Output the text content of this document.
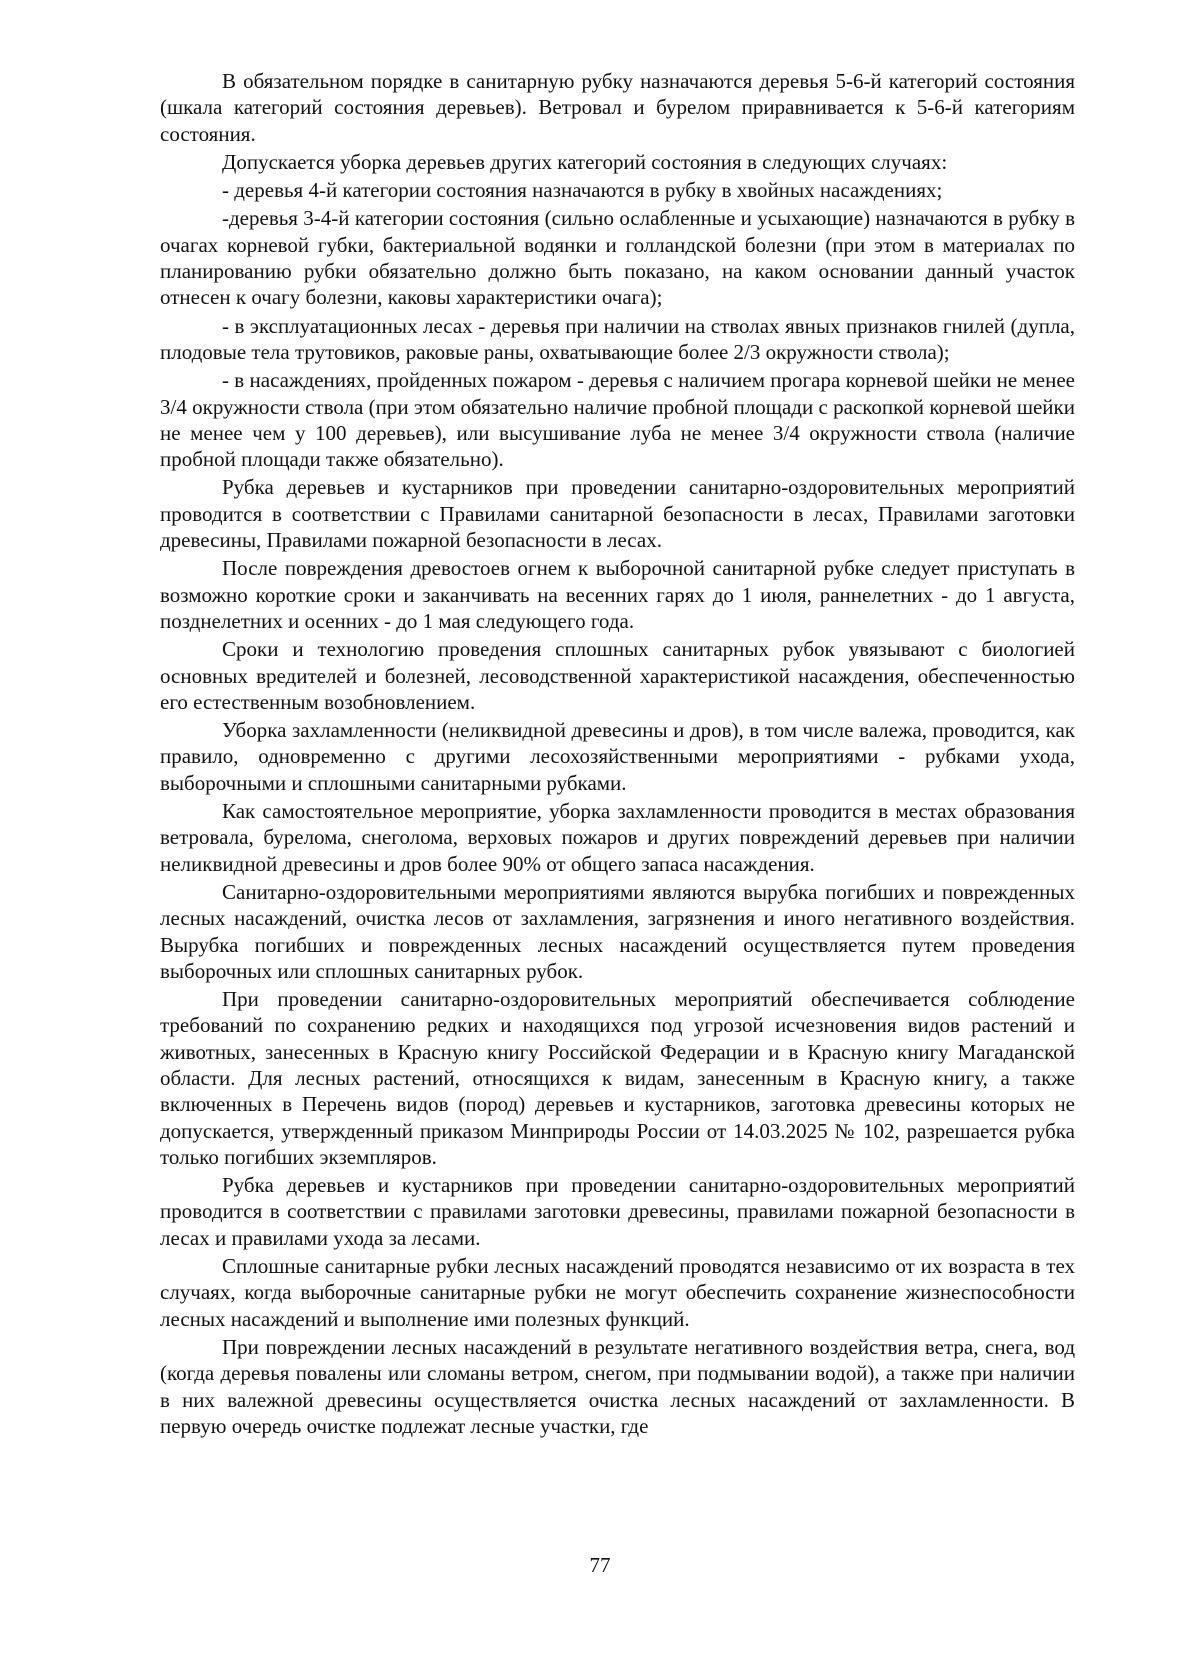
В обязательном порядке в санитарную рубку назначаются деревья 5-6-й категорий состояния (шкала категорий состояния деревьев). Ветровал и бурелом приравнивается к 5-6-й категориям состояния.

Допускается уборка деревьев других категорий состояния в следующих случаях:

- деревья 4-й категории состояния назначаются в рубку в хвойных насаждениях;

-деревья 3-4-й категории состояния (сильно ослабленные и усыхающие) назначаются в рубку в очагах корневой губки, бактериальной водянки и голландской болезни (при этом в материалах по планированию рубки обязательно должно быть показано, на каком основании данный участок отнесен к очагу болезни, каковы характеристики очага);

- в эксплуатационных лесах - деревья при наличии на стволах явных признаков гнилей (дупла, плодовые тела трутовиков, раковые раны, охватывающие более 2/3 окружности ствола);

- в насаждениях, пройденных пожаром - деревья с наличием прогара корневой шейки не менее 3/4 окружности ствола (при этом обязательно наличие пробной площади с раскопкой корневой шейки не менее чем у 100 деревьев), или высушивание луба не менее 3/4 окружности ствола (наличие пробной площади также обязательно).

Рубка деревьев и кустарников при проведении санитарно-оздоровительных мероприятий проводится в соответствии с Правилами санитарной безопасности в лесах, Правилами заготовки древесины, Правилами пожарной безопасности в лесах.

После повреждения древостоев огнем к выборочной санитарной рубке следует приступать в возможно короткие сроки и заканчивать на весенних гарях до 1 июля, раннелетних - до 1 августа, позднелетних и осенних - до 1 мая следующего года.

Сроки и технологию проведения сплошных санитарных рубок увязывают с биологией основных вредителей и болезней, лесоводственной характеристикой насаждения, обеспеченностью его естественным возобновлением.

Уборка захламленности (неликвидной древесины и дров), в том числе валежа, проводится, как правило, одновременно с другими лесохозяйственными мероприятиями - рубками ухода, выборочными и сплошными санитарными рубками.

Как самостоятельное мероприятие, уборка захламленности проводится в местах образования ветровала, бурелома, снеголома, верховых пожаров и других повреждений деревьев при наличии неликвидной древесины и дров более 90% от общего запаса насаждения.

Санитарно-оздоровительными мероприятиями являются вырубка погибших и поврежденных лесных насаждений, очистка лесов от захламления, загрязнения и иного негативного воздействия. Вырубка погибших и поврежденных лесных насаждений осуществляется путем проведения выборочных или сплошных санитарных рубок.

При проведении санитарно-оздоровительных мероприятий обеспечивается соблюдение требований по сохранению редких и находящихся под угрозой исчезновения видов растений и животных, занесенных в Красную книгу Российской Федерации и в Красную книгу Магаданской области. Для лесных растений, относящихся к видам, занесенным в Красную книгу, а также включенных в Перечень видов (пород) деревьев и кустарников, заготовка древесины которых не допускается, утвержденный приказом Минприроды России от 14.03.2025 № 102, разрешается рубка только погибших экземпляров.

Рубка деревьев и кустарников при проведении санитарно-оздоровительных мероприятий проводится в соответствии с правилами заготовки древесины, правилами пожарной безопасности в лесах и правилами ухода за лесами.

Сплошные санитарные рубки лесных насаждений проводятся независимо от их возраста в тех случаях, когда выборочные санитарные рубки не могут обеспечить сохранение жизнеспособности лесных насаждений и выполнение ими полезных функций.

При повреждении лесных насаждений в результате негативного воздействия ветра, снега, вод (когда деревья повалены или сломаны ветром, снегом, при подмывании водой), а также при наличии в них валежной древесины осуществляется очистка лесных насаждений от захламленности. В первую очередь очистке подлежат лесные участки, где

77
